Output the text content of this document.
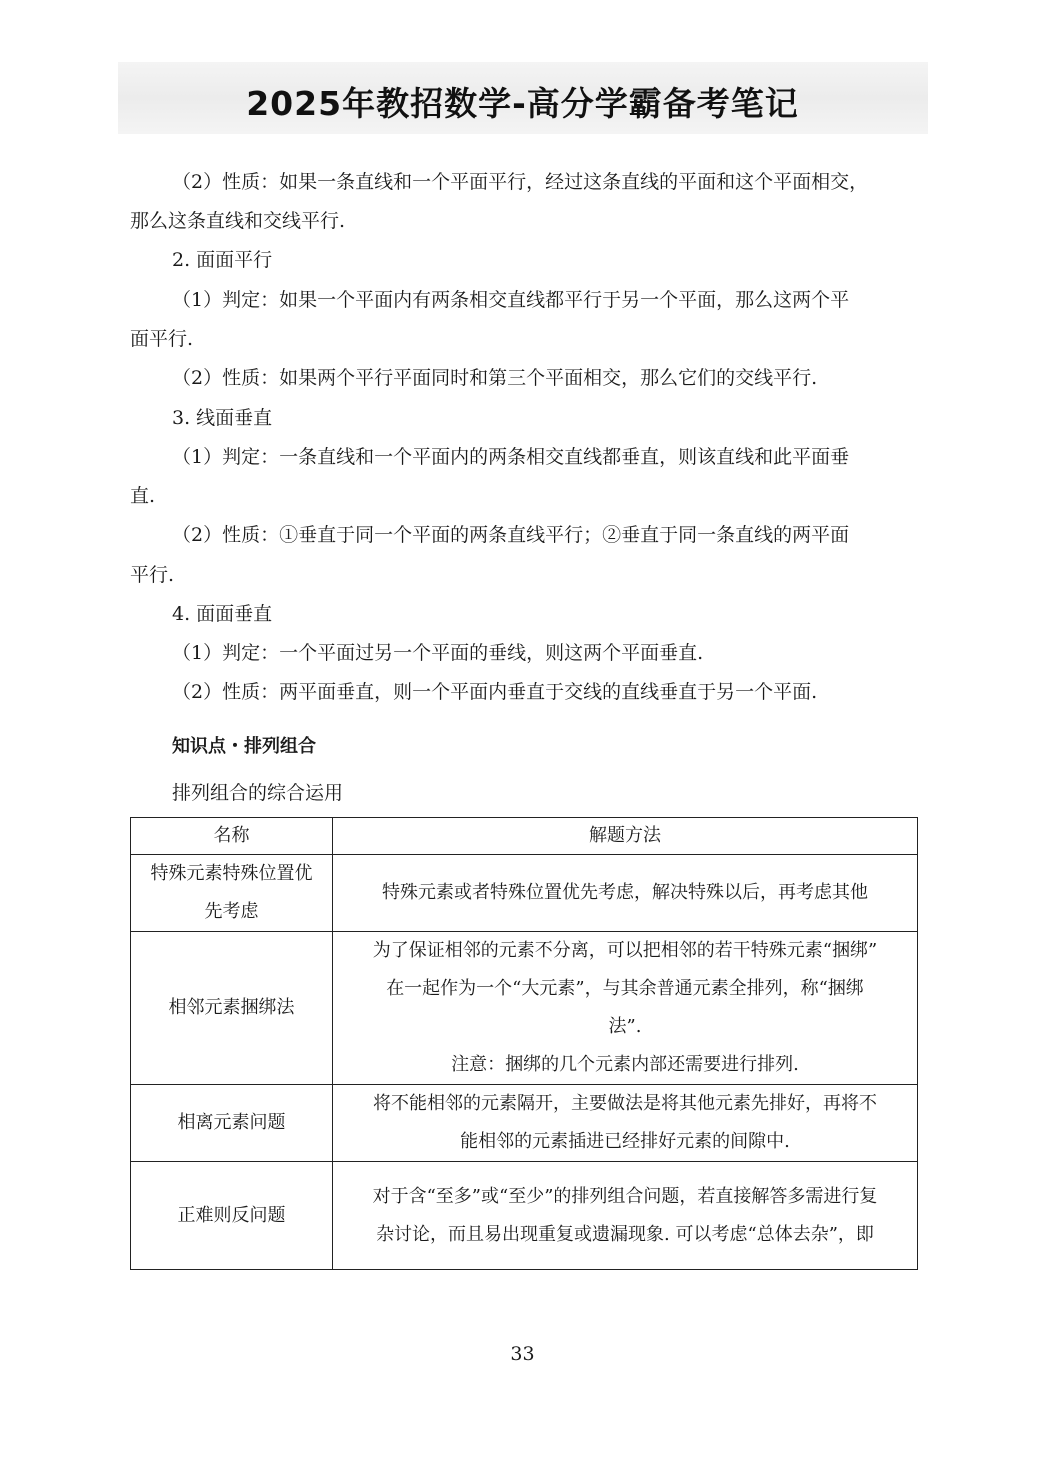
2025年教招数学-高分学霸备考笔记
（2）性质：如果一条直线和一个平面平行，经过这条直线的平面和这个平面相交，
那么这条直线和交线平行.
2. 面面平行
（1）判定：如果一个平面内有两条相交直线都平行于另一个平面，那么这两个平
面平行.
（2）性质：如果两个平行平面同时和第三个平面相交，那么它们的交线平行.
3. 线面垂直
（1）判定：一条直线和一个平面内的两条相交直线都垂直，则该直线和此平面垂
直.
（2）性质：①垂直于同一个平面的两条直线平行；②垂直于同一条直线的两平面
平行.
4. 面面垂直
（1）判定：一个平面过另一个平面的垂线，则这两个平面垂直.
（2）性质：两平面垂直，则一个平面内垂直于交线的直线垂直于另一个平面.
知识点・排列组合
排列组合的综合运用
名称	解题方法

特殊元素特殊位置优
先考虑	特殊元素或者特殊位置优先考虑，解决特殊以后，再考虑其他

相邻元素捆绑法	为了保证相邻的元素不分离，可以把相邻的若干特殊元素“捆绑”
在一起作为一个“大元素”，与其余普通元素全排列，称“捆绑
法”.
注意：捆绑的几个元素内部还需要进行排列.

相离元素问题	将不能相邻的元素隔开，主要做法是将其他元素先排好，再将不
能相邻的元素插进已经排好元素的间隙中.

正难则反问题	对于含“至多”或“至少”的排列组合问题，若直接解答多需进行复
杂讨论，而且易出现重复或遗漏现象. 可以考虑“总体去杂”，即
33
